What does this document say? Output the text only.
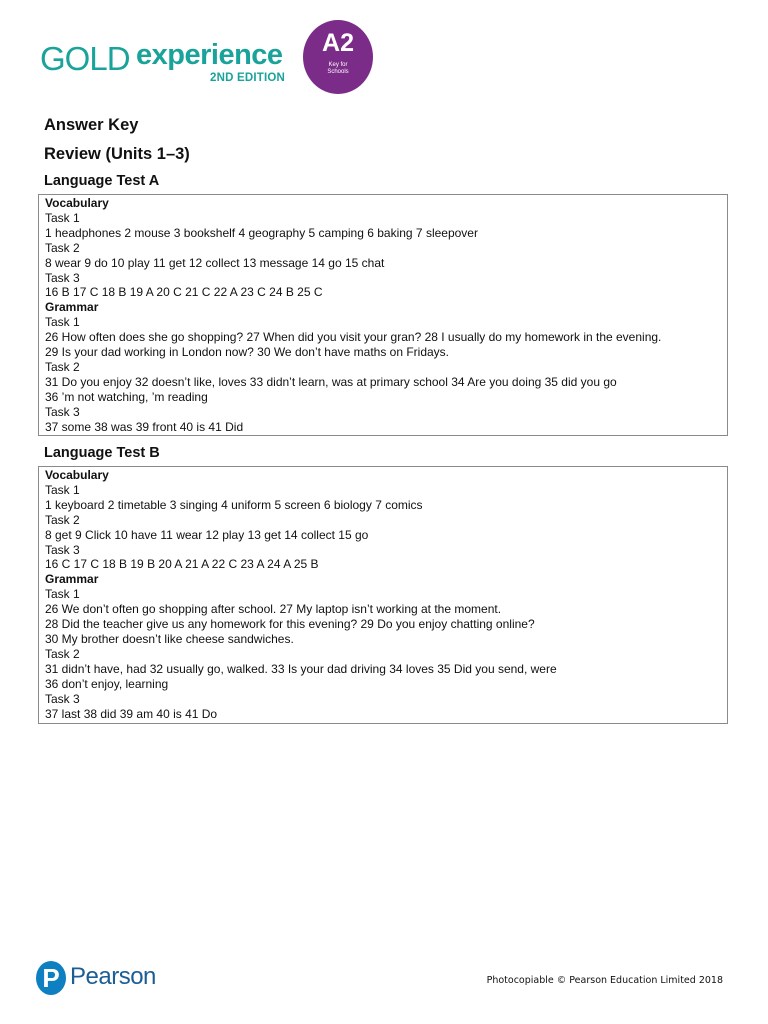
GOLD experience
2ND EDITION
A2
Key for
Schools
Answer Key
Review (Units 1–3)
Language Test A
Vocabulary
Task 1
1 headphones 2 mouse 3 bookshelf 4 geography 5 camping 6 baking 7 sleepover
Task 2
8 wear 9 do 10 play 11 get 12 collect 13 message 14 go 15 chat
Task 3
16 B 17 C 18 B 19 A 20 C 21 C 22 A 23 C 24 B 25 C
Grammar
Task 1
26 How often does she go shopping? 27 When did you visit your gran? 28 I usually do my homework in the evening.
29 Is your dad working in London now? 30 We don’t have maths on Fridays.
Task 2
31 Do you enjoy 32 doesn’t like, loves 33 didn’t learn, was at primary school 34 Are you doing 35 did you go
36 ’m not watching, ’m reading
Task 3
37 some 38 was 39 front 40 is 41 Did
Language Test B
Vocabulary
Task 1
1 keyboard 2 timetable 3 singing 4 uniform 5 screen 6 biology 7 comics
Task 2
8 get 9 Click 10 have 11 wear 12 play 13 get 14 collect 15 go
Task 3
16 C 17 C 18 B 19 B 20 A 21 A 22 C 23 A 24 A 25 B
Grammar
Task 1
26 We don’t often go shopping after school. 27 My laptop isn’t working at the moment.
28 Did the teacher give us any homework for this evening? 29 Do you enjoy chatting online?
30 My brother doesn’t like cheese sandwiches.
Task 2
31 didn’t have, had 32 usually go, walked. 33 Is your dad driving 34 loves 35 Did you send, were
36 don’t enjoy, learning
Task 3
37 last 38 did 39 am 40 is 41 Do
P Pearson	Photocopiable © Pearson Education Limited 2018
